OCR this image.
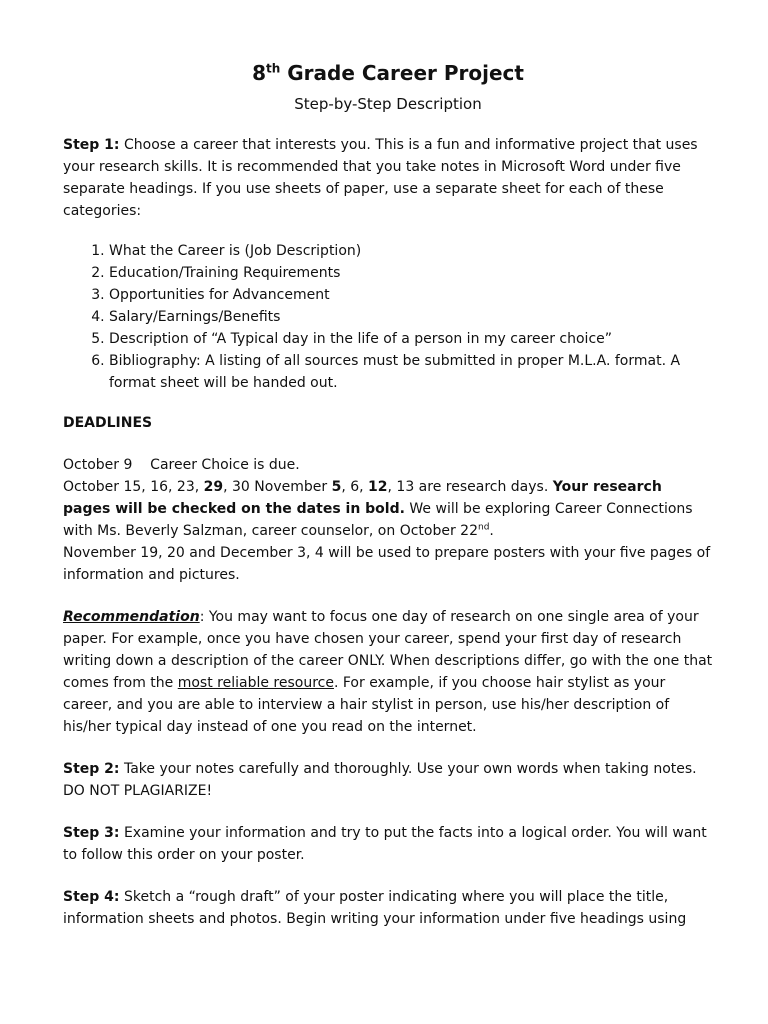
8th Grade Career Project
Step-by-Step Description

Step 1: Choose a career that interests you. This is a fun and informative project that uses your research skills. It is recommended that you take notes in Microsoft Word under five separate headings. If you use sheets of paper, use a separate sheet for each of these categories:

1. What the Career is (Job Description)
2. Education/Training Requirements
3. Opportunities for Advancement
4. Salary/Earnings/Benefits
5. Description of “A Typical day in the life of a person in my career choice”
6. Bibliography: A listing of all sources must be submitted in proper M.L.A. format. A format sheet will be handed out.

DEADLINES

October 9    Career Choice is due.

October 15, 16, 23, 29, 30 November 5, 6, 12, 13 are research days. Your research pages will be checked on the dates in bold. We will be exploring Career Connections with Ms. Beverly Salzman, career counselor, on October 22nd.

November 19, 20 and December 3, 4 will be used to prepare posters with your five pages of information and pictures.

Recommendation: You may want to focus one day of research on one single area of your paper. For example, once you have chosen your career, spend your first day of research writing down a description of the career ONLY. When descriptions differ, go with the one that comes from the most reliable resource. For example, if you choose hair stylist as your career, and you are able to interview a hair stylist in person, use his/her description of his/her typical day instead of one you read on the internet.

Step 2: Take your notes carefully and thoroughly. Use your own words when taking notes. DO NOT PLAGIARIZE!

Step 3: Examine your information and try to put the facts into a logical order. You will want to follow this order on your poster.

Step 4: Sketch a “rough draft” of your poster indicating where you will place the title, information sheets and photos. Begin writing your information under five headings using
